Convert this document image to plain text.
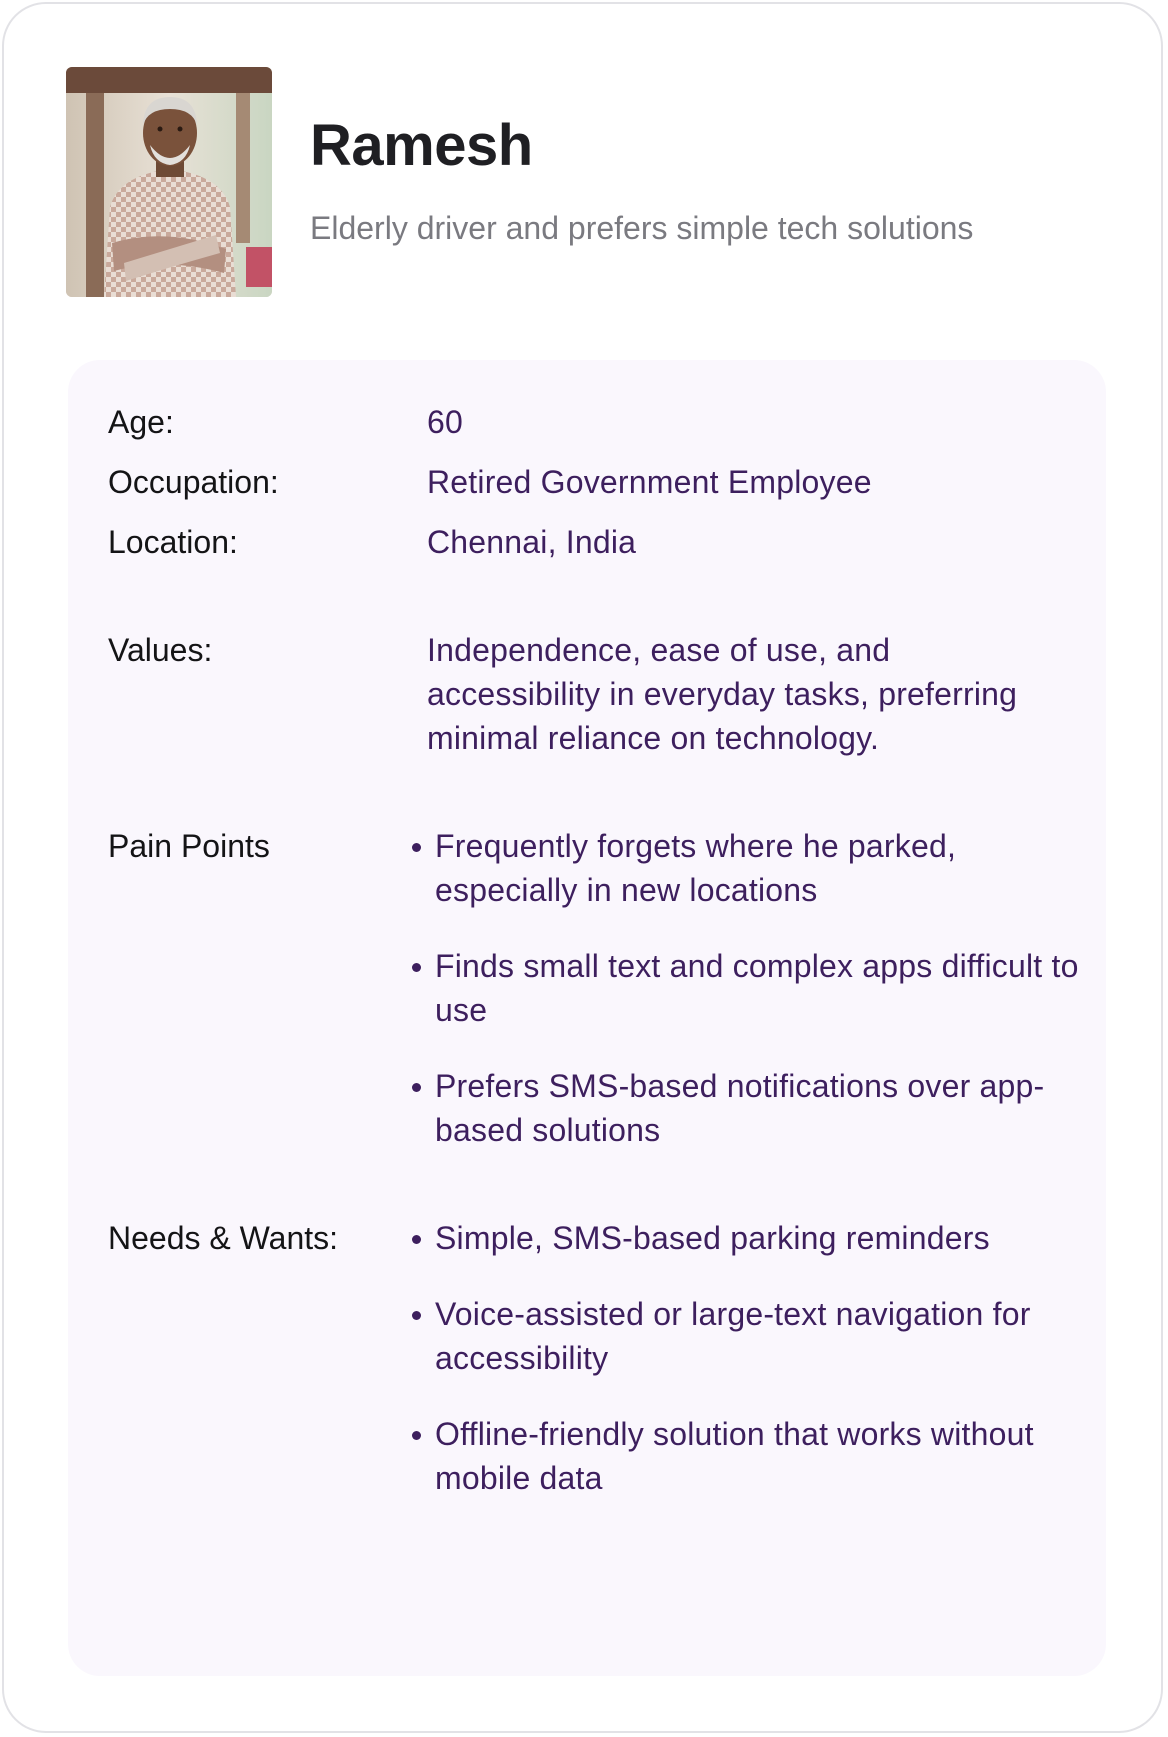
Ramesh

Elderly driver and prefers simple tech solutions

Age:	60

Occupation:	Retired Government Employee

Location:	Chennai, India

Values:	Independence, ease of use, and accessibility in everyday tasks, preferring minimal reliance on technology.

Pain Points	Frequently forgets where he parked, especially in new locations
Finds small text and complex apps difficult to use
Prefers SMS-based notifications over app-based solutions

Needs & Wants:	Simple, SMS-based parking reminders
Voice-assisted or large-text navigation for accessibility
Offline-friendly solution that works without mobile data
